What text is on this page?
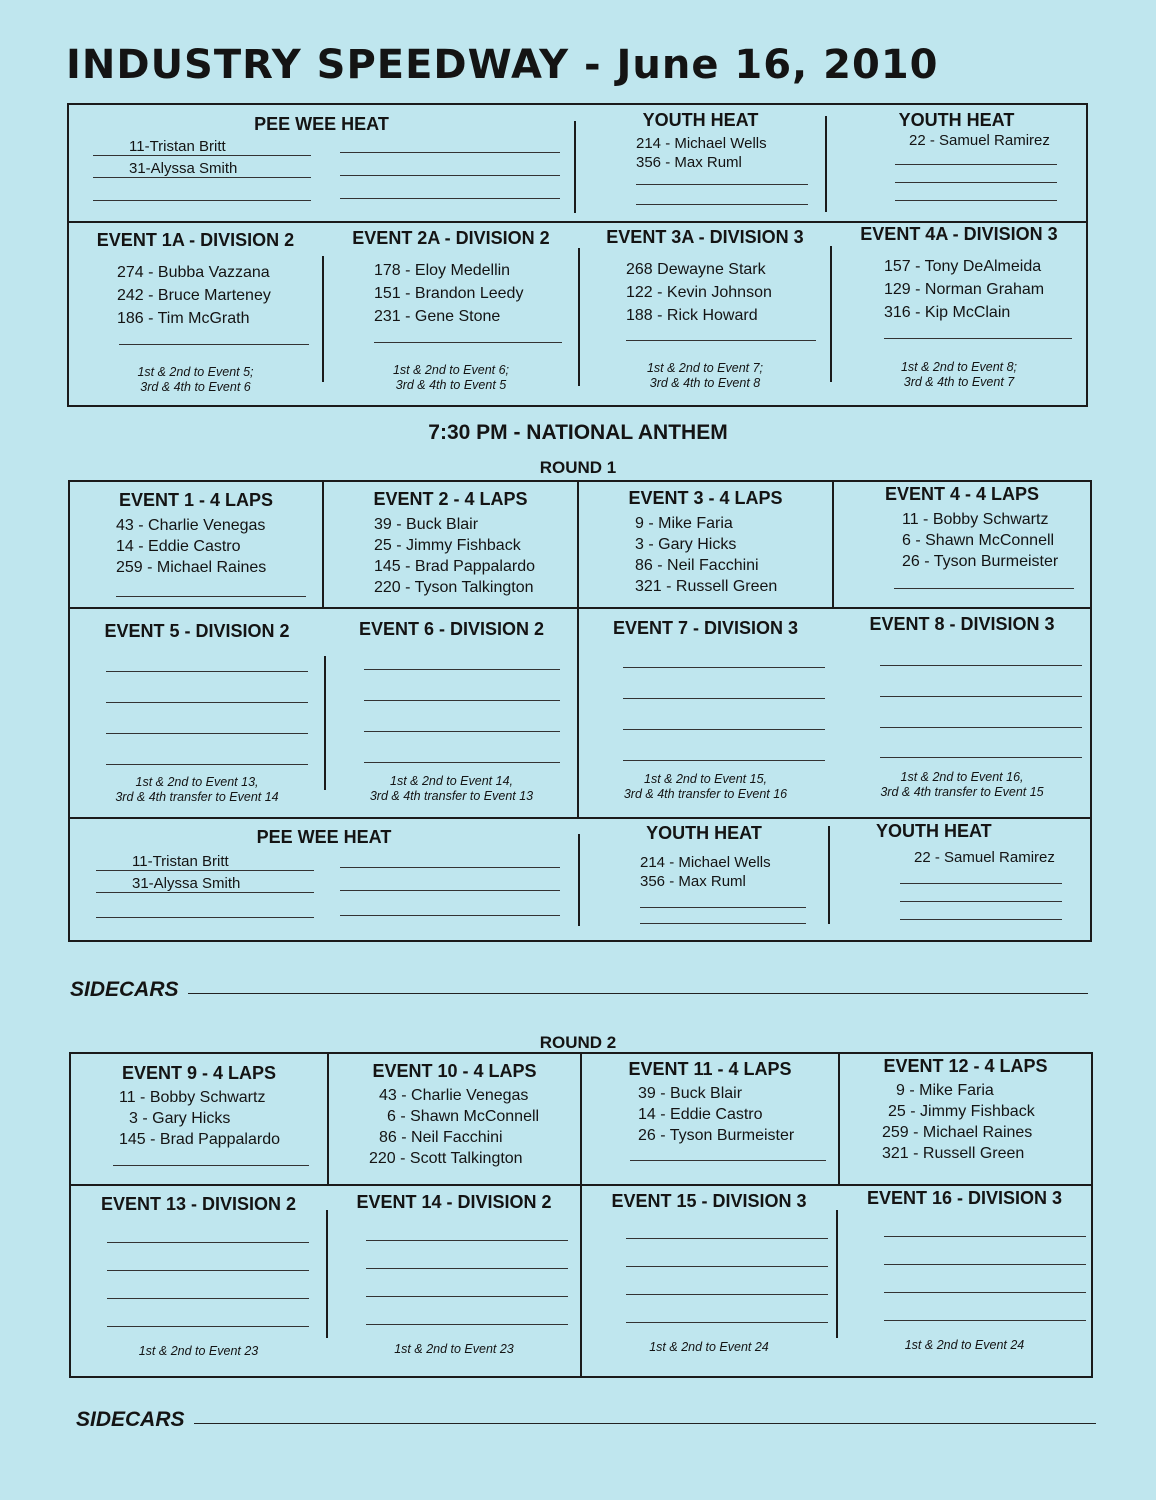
INDUSTRY SPEEDWAY - June 16, 2010
PEE WEE HEAT
11-Tristan Britt
31-Alyssa Smith
YOUTH HEAT
214 - Michael Wells
356 - Max Ruml
YOUTH HEAT
22 - Samuel Ramirez
EVENT 1A - DIVISION 2
274 - Bubba Vazzana
242 - Bruce Marteney
186 - Tim McGrath
1st & 2nd to Event 5;
3rd & 4th to Event 6
EVENT 2A - DIVISION 2
178 - Eloy Medellin
151 - Brandon Leedy
231 - Gene Stone
1st & 2nd to Event 6;
3rd & 4th to Event 5
EVENT 3A - DIVISION 3
268 Dewayne Stark
122 - Kevin Johnson
188 - Rick Howard
1st & 2nd to Event 7;
3rd & 4th to Event 8
EVENT 4A - DIVISION 3
157 - Tony DeAlmeida
129 - Norman Graham
316 - Kip McClain
1st & 2nd to Event 8;
3rd & 4th to Event 7
7:30 PM - NATIONAL ANTHEM
ROUND 1
EVENT 1 - 4 LAPS
43 - Charlie Venegas
14 - Eddie Castro
259 - Michael Raines
EVENT 2 - 4 LAPS
39 - Buck Blair
25 - Jimmy Fishback
145 - Brad Pappalardo
220 - Tyson Talkington
EVENT 3 - 4 LAPS
9 - Mike Faria
3 - Gary Hicks
86 - Neil Facchini
321 - Russell Green
EVENT 4 - 4 LAPS
11 - Bobby Schwartz
6 - Shawn McConnell
26 - Tyson Burmeister
EVENT 5 - DIVISION 2
1st & 2nd to Event 13,
3rd & 4th transfer to Event 14
EVENT 6 - DIVISION 2
1st & 2nd to Event 14,
3rd & 4th transfer to Event 13
EVENT 7 - DIVISION 3
1st & 2nd to Event 15,
3rd & 4th transfer to Event 16
EVENT 8 - DIVISION 3
1st & 2nd to Event 16,
3rd & 4th transfer to Event 15
PEE WEE HEAT
11-Tristan Britt
31-Alyssa Smith
YOUTH HEAT
214 - Michael Wells
356 - Max Ruml
YOUTH HEAT
22 - Samuel Ramirez
SIDECARS
ROUND 2
EVENT 9 - 4 LAPS
11 - Bobby Schwartz
3 - Gary Hicks
145 - Brad Pappalardo
EVENT 10 - 4 LAPS
43 - Charlie Venegas
6 - Shawn McConnell
86 - Neil Facchini
220 - Scott Talkington
EVENT 11 - 4 LAPS
39 - Buck Blair
14 - Eddie Castro
26 - Tyson Burmeister
EVENT 12 - 4 LAPS
9 - Mike Faria
25 - Jimmy Fishback
259 - Michael Raines
321 - Russell Green
EVENT 13 - DIVISION 2
1st & 2nd to Event 23
EVENT 14 - DIVISION 2
1st & 2nd to Event 23
EVENT 15 - DIVISION 3
1st & 2nd to Event 24
EVENT 16 - DIVISION 3
1st & 2nd to Event 24
SIDECARS
